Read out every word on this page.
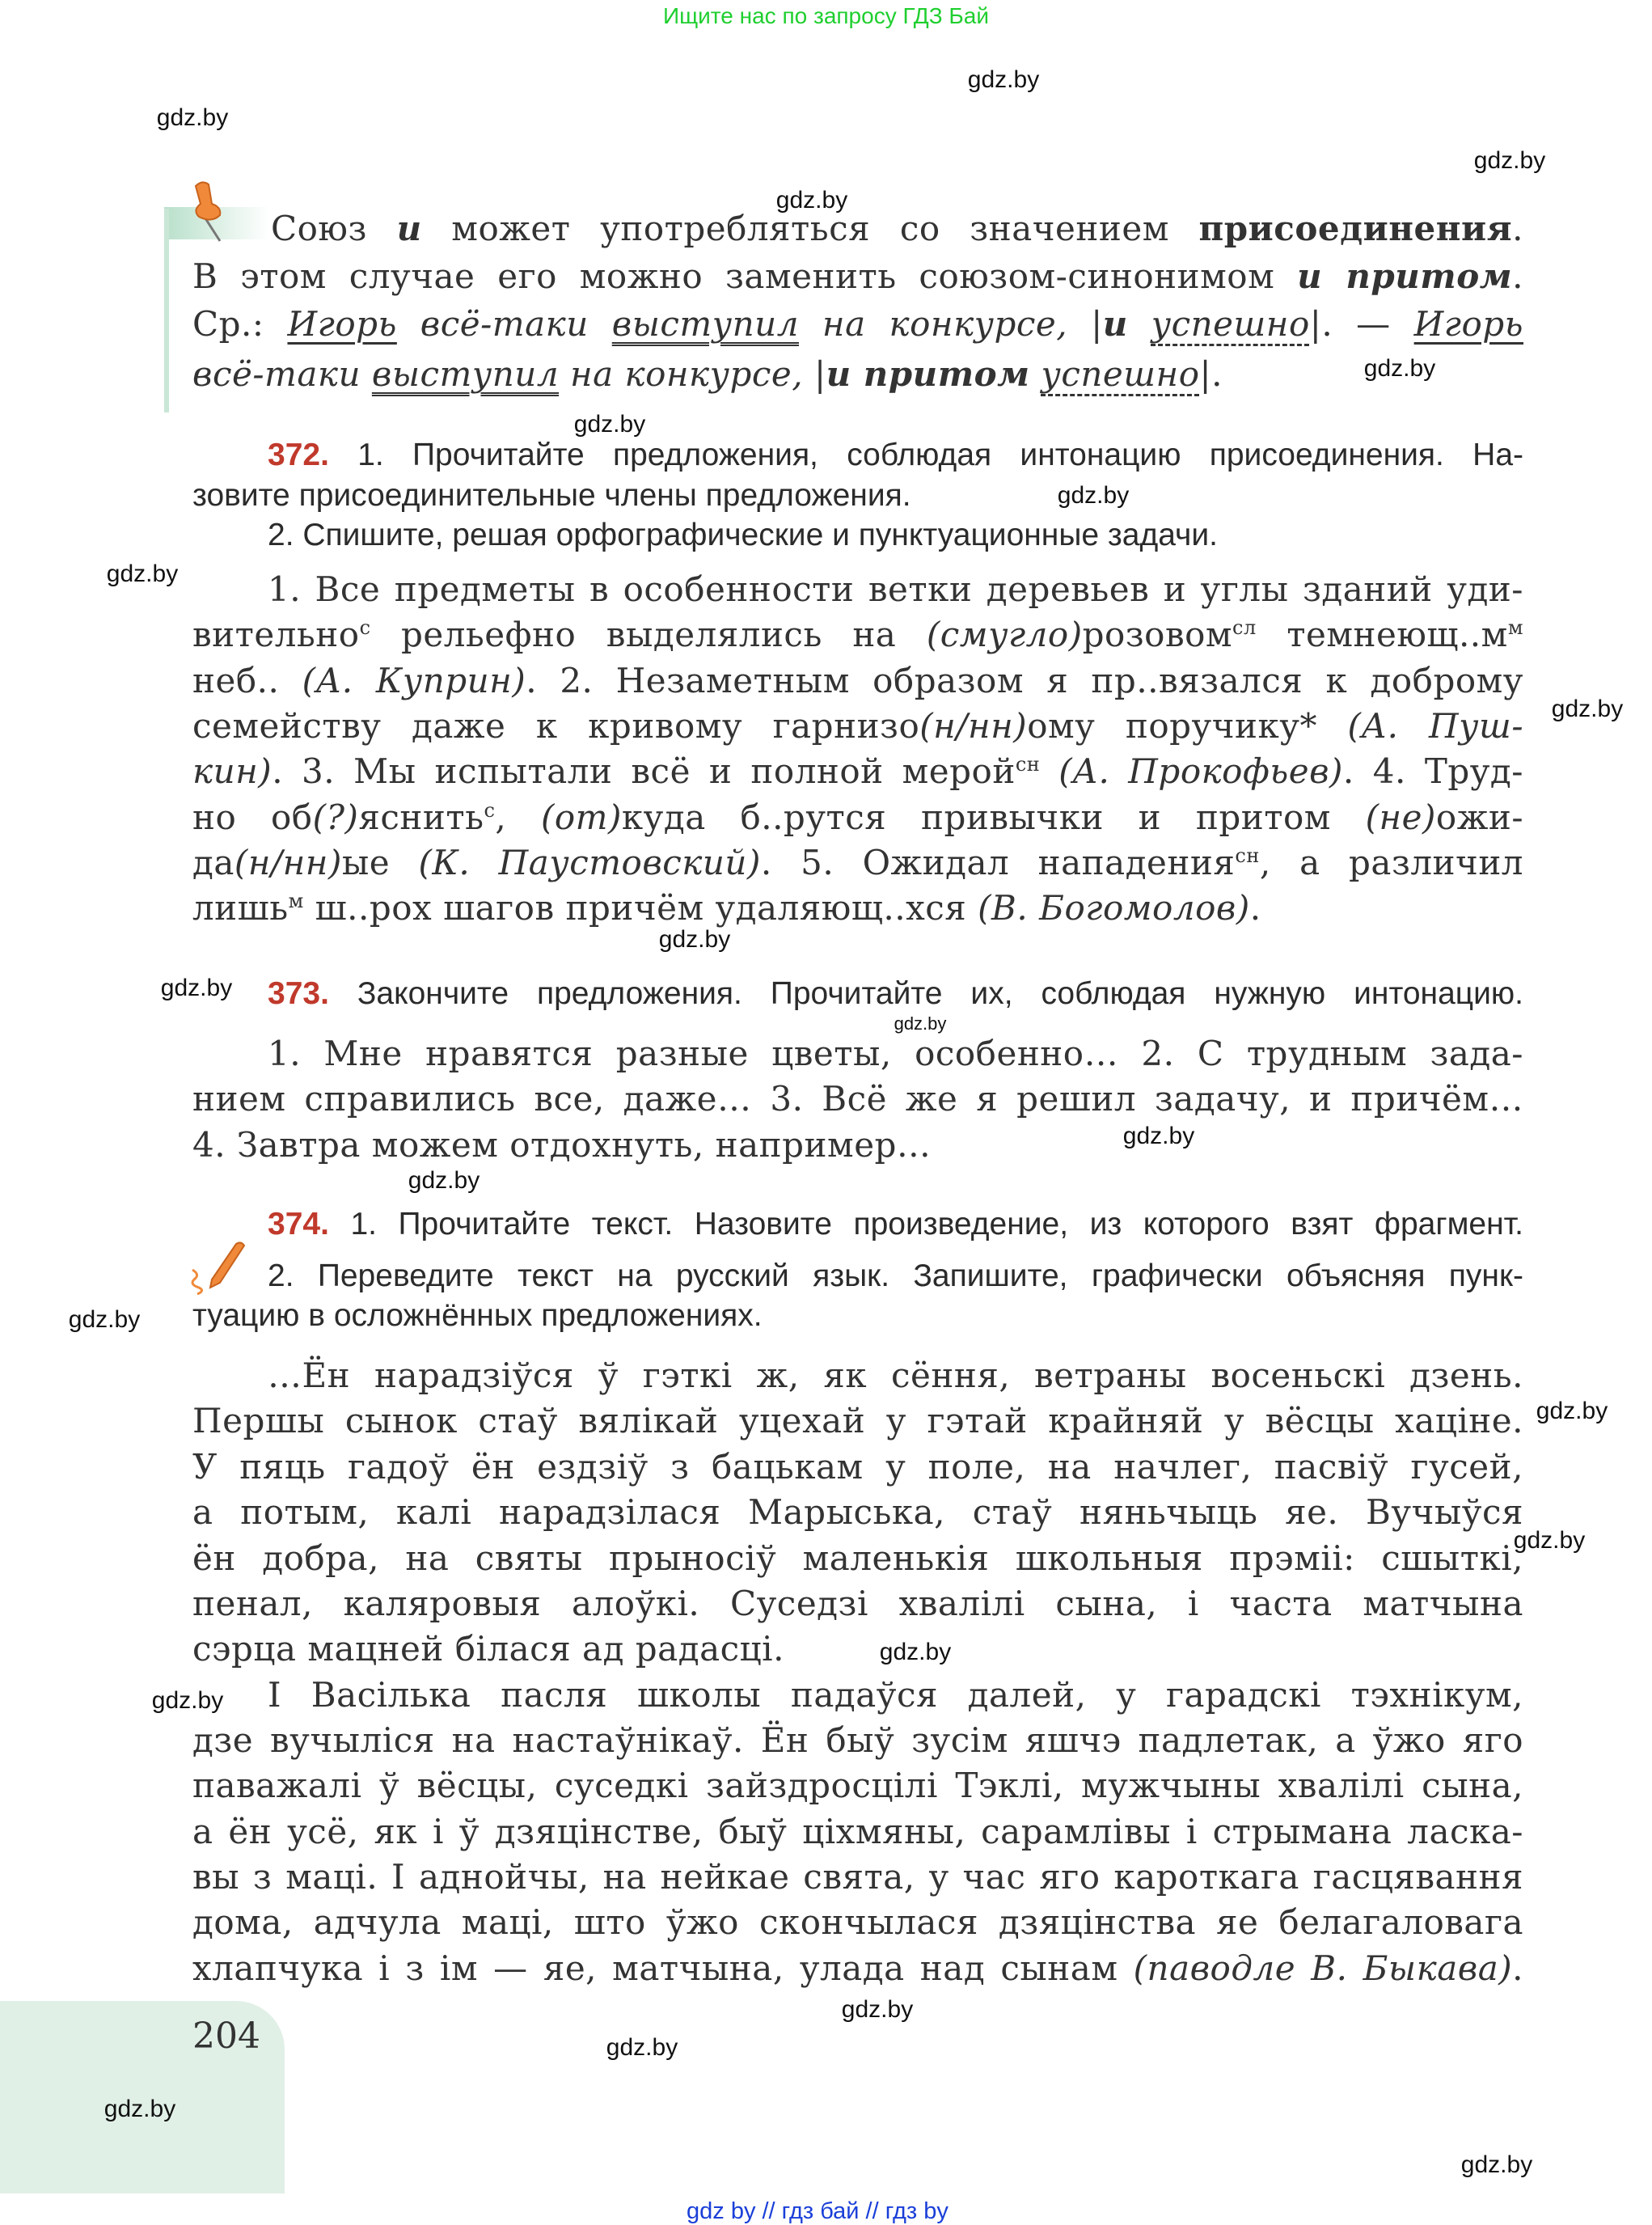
Ищите нас по запросу ГДЗ Бай
Союз и может употребляться со значением присоединения.
В этом случае его можно заменить союзом-синонимом и притом.
Ср.: Игорь всё-таки выступил на конкурсе, |и успешно|. — Игорь
всё-таки выступил на конкурсе, |и притом успешно|.
372. 1. Прочитайте предложения, соблюдая интонацию присоединения. На-
зовите присоединительные члены предложения.
2. Спишите, решая орфографические и пунктуационные задачи.
1. Все предметы в особенности ветки деревьев и углы зданий уди-
вительно$^с$ рельефно выделялись на (смугло)розовом$^{сл}$ $темнеющ..м^м$
неб.. (А. Куприн). 2. Незаметным образом я пр..вязался к доброму
семейству даже к кривому гарнизо(н/нн)ому поручику* (А. Пуш-
кин). 3. Мы испытали всё и полной мерой$^{сн}$ (А. Прокофьев). 4. Труд-
но об(?)яснить$^с$, (от)куда б..рутся привычки и притом (не)ожи-
да(н/нн)ые (К. Паустовский). 5. Ожидал нападения$^{сн}$, а различил
лишь$^м$ ш..рох шагов причём удаляющ..хся (В. Богомолов).
373. Закончите предложения. Прочитайте их, соблюдая нужную интонацию.
1. Мне нравятся разные цветы, особенно… 2. С трудным зада-
нием справились все, даже… 3. Всё же я решил задачу, и причём…
4. Завтра можем отдохнуть, например…
374. 1. Прочитайте текст. Назовите произведение, из которого взят фрагмент.
2. Переведите текст на русский язык. Запишите, графически объясняя пунк-
туацию в осложнённых предложениях.
…Ён нарадзіўся ў гэткі ж, як сёння, ветраны восеньскі дзень.
Першы сынок стаў вялікай уцехай у гэтай крайняй у вёсцы хаціне.
У пяць гадоў ён ездзіў з бацькам у поле, на начлег, пасвіў гусей,
а потым, калі нарадзілася Марыська, стаў няньчыць яе. Вучыўся
ён добра, на святы прыносіў маленькія школьныя прэміі: сшыткі,
пенал, каляровыя алоўкі. Суседзі хвалілі сына, і часта матчына
сэрца мацней білася ад радасці.
І Васілька пасля школы падаўся далей, у гарадскі тэхнікум,
дзе вучыліся на настаўнікаў. Ён быў зусім яшчэ падлетак, а ўжо яго
паважалі ў вёсцы, суседкі зайздросцілі Тэклі, мужчыны хвалілі сына,
а ён усё, як і ў дзяцінстве, быў ціхмяны, сарамлівы і стрымана ласка-
вы з маці. І аднойчы, на нейкае свята, у час яго кароткага гасцявання
дома, адчула маці, што ўжо скончылася дзяцінства яе белагаловага
хлапчука і з ім — яе, матчына, улада над сынам (паводле В. Быкава).
204
gdz.by
gdz.by
gdz.by
gdz.by
gdz.by
gdz.by
gdz.by
gdz.by
gdz.by
gdz.by
gdz.by
gdz.by
gdz.by
gdz.by
gdz.by
gdz.by
gdz.by
gdz.by
gdz.by
gdz.by
gdz.by
gdz.by
gdz.by
gdz by // гдз бай // гдз by
